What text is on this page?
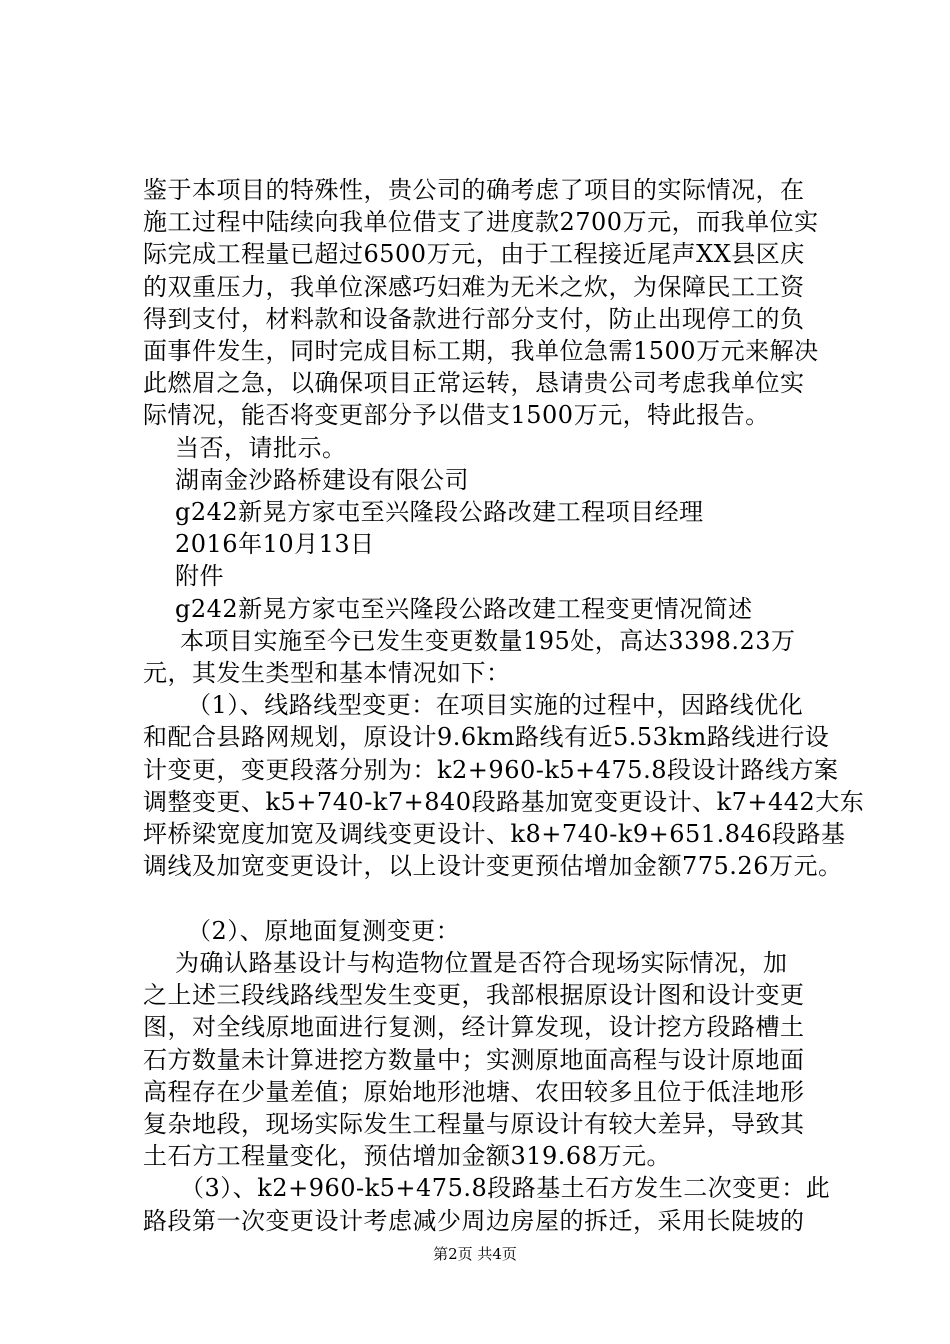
鉴于本项目的特殊性，贵公司的确考虑了项目的实际情况，在
施工过程中陆续向我单位借支了进度款2700万元，而我单位实
际完成工程量已超过6500万元，由于工程接近尾声XX县区庆
的双重压力，我单位深感巧妇难为无米之炊，为保障民工工资
得到支付，材料款和设备款进行部分支付，防止出现停工的负
面事件发生，同时完成目标工期，我单位急需1500万元来解决
此燃眉之急，以确保项目正常运转，恳请贵公司考虑我单位实
际情况，能否将变更部分予以借支1500万元，特此报告。
当否，请批示。
湖南金沙路桥建设有限公司
g242新晃方家屯至兴隆段公路改建工程项目经理
2016年10月13日
附件
g242新晃方家屯至兴隆段公路改建工程变更情况简述
本项目实施至今已发生变更数量195处，高达3398.23万
元，其发生类型和基本情况如下：
（1）、线路线型变更：在项目实施的过程中，因路线优化
和配合县路网规划，原设计9.6km路线有近5.53km路线进行设
计变更，变更段落分别为：k2+960-k5+475.8段设计路线方案
调整变更、k5+740-k7+840段路基加宽变更设计、k7+442大东
坪桥梁宽度加宽及调线变更设计、k8+740-k9+651.846段路基
调线及加宽变更设计，以上设计变更预估增加金额775.26万元。
（2）、原地面复测变更：
为确认路基设计与构造物位置是否符合现场实际情况，加
之上述三段线路线型发生变更，我部根据原设计图和设计变更
图，对全线原地面进行复测，经计算发现，设计挖方段路槽土
石方数量未计算进挖方数量中；实测原地面高程与设计原地面
高程存在少量差值；原始地形池塘、农田较多且位于低洼地形
复杂地段，现场实际发生工程量与原设计有较大差异，导致其
土石方工程量变化，预估增加金额319.68万元。
（3）、k2+960-k5+475.8段路基土石方发生二次变更：此
路段第一次变更设计考虑减少周边房屋的拆迁，采用长陡坡的
第2页 共4页
